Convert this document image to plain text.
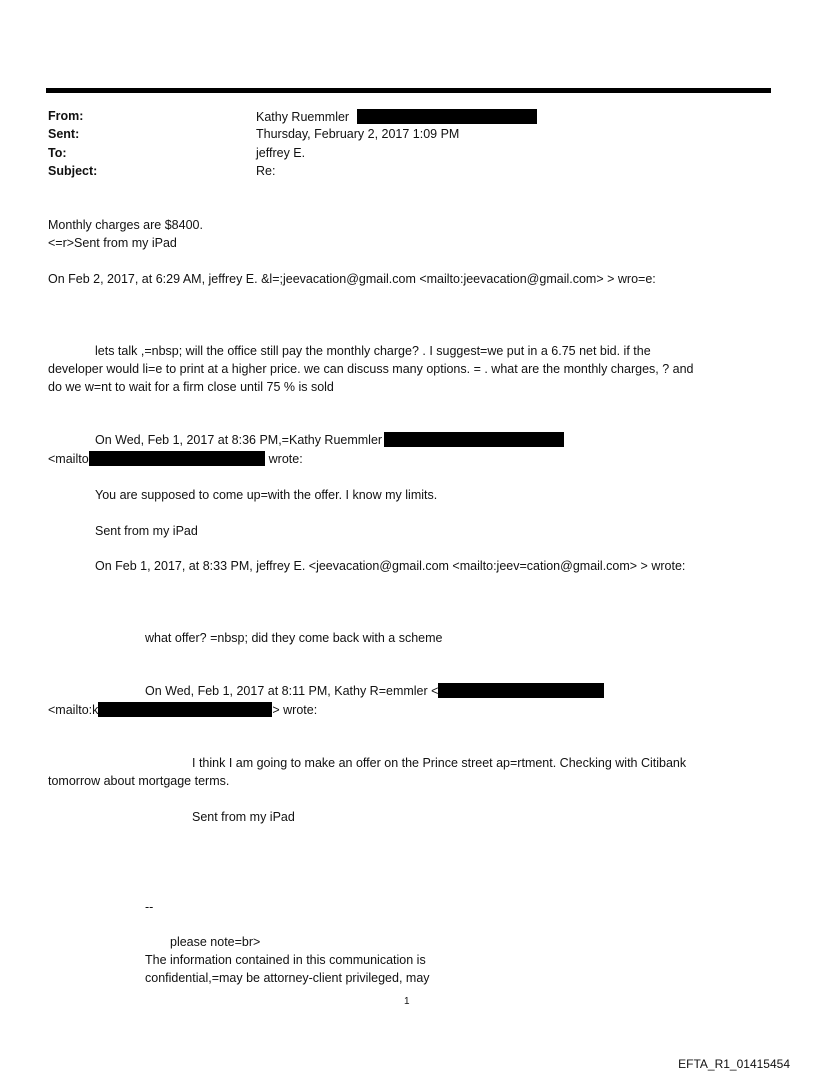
From:	Kathy Ruemmler
Sent:	Thursday, February 2, 2017 1:09 PM
To:	jeffrey E.
Subject:	Re:
Monthly charges are $8400.
<=r>Sent from my iPad
On Feb 2, 2017, at 6:29 AM, jeffrey E. &l=;jeevacation@gmail.com <mailto:jeevacation@gmail.com> > wro=e:
lets talk ,=nbsp; will the office still pay the monthly charge? . I suggest=we put in a 6.75 net bid. if the
developer would li=e to print at a higher price. we can discuss many options. = . what are the monthly charges, ? and
do we w=nt to wait for a firm close until 75 % is sold
On Wed, Feb 1, 2017 at 8:36 PM,=Kathy Ruemmler
<mailto	wrote:
You are supposed to come up=with the offer. I know my limits.
Sent from my iPad
On Feb 1, 2017, at 8:33 PM, jeffrey E. <jeevacation@gmail.com <mailto:jeev=cation@gmail.com> > wrote:
what offer? =nbsp; did they come back with a scheme
On Wed, Feb 1, 2017 at 8:11 PM, Kathy R=emmler <
<mailto:k	> wrote:
I think I am going to make an offer on the Prince street ap=rtment. Checking with Citibank
tomorrow about mortgage terms.
Sent from my iPad
--
please note=br>
The information contained in this communication is
confidential,=may be attorney-client privileged, may
1
EFTA_R1_01415454
